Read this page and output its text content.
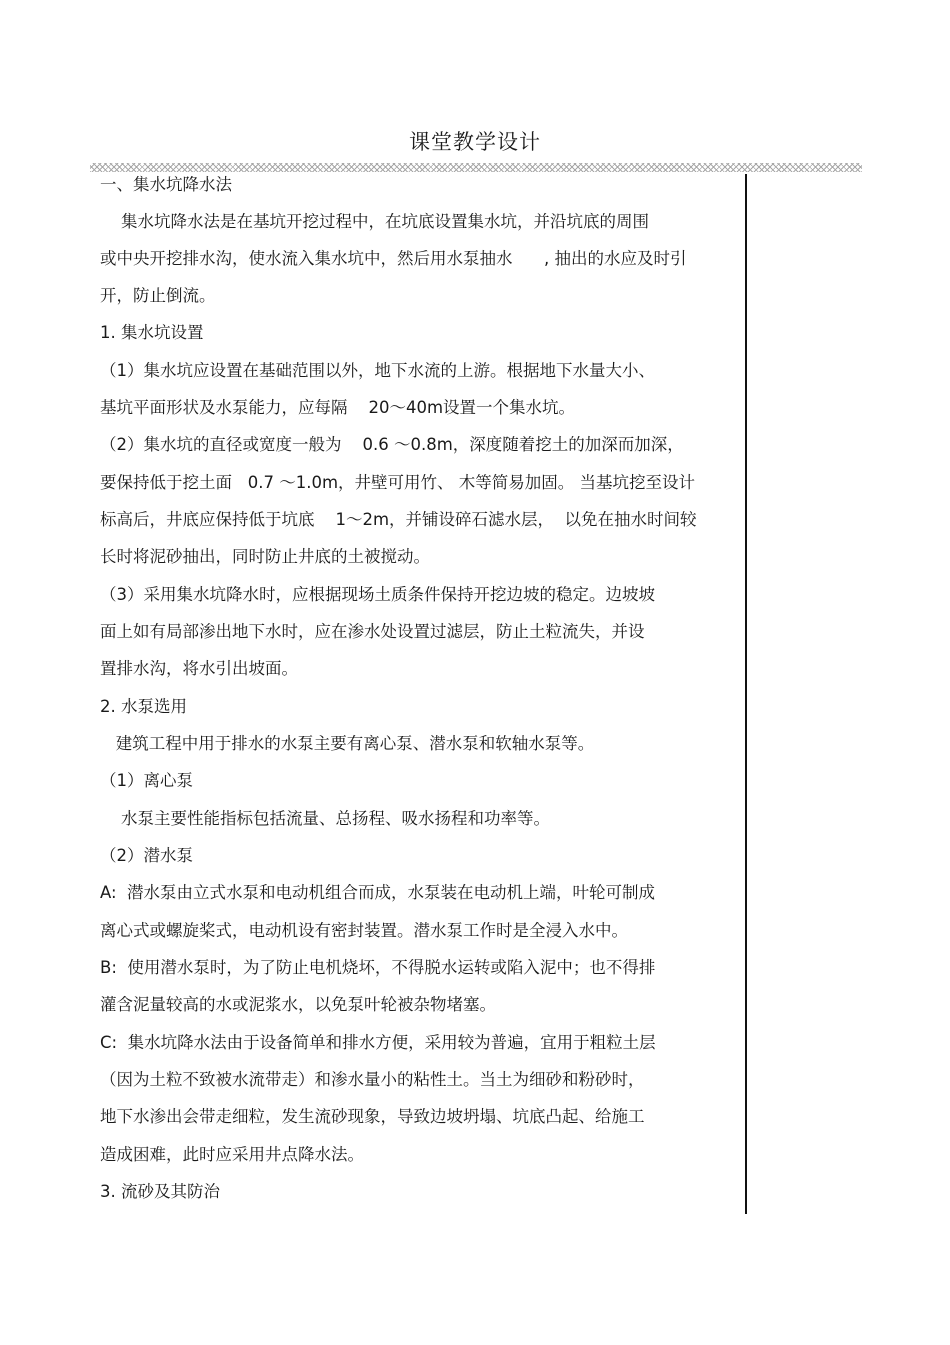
课堂教学设计
一、集水坑降水法
集水坑降水法是在基坑开挖过程中，在坑底设置集水坑，并沿坑底的周围
或中央开挖排水沟，使水流入集水坑中，然后用水泵抽水      , 抽出的水应及时引
开，防止倒流。
1. 集水坑设置
（1）集水坑应设置在基础范围以外，地下水流的上游。根据地下水量大小、
基坑平面形状及水泵能力，应每隔    20～40m设置一个集水坑。
（2）集水坑的直径或宽度一般为    0.6 ～0.8m，深度随着挖土的加深而加深，
要保持低于挖土面   0.7 ～1.0m，井壁可用竹、 木等简易加固。 当基坑挖至设计
标高后，井底应保持低于坑底    1～2m，并铺设碎石滤水层，  以免在抽水时间较
长时将泥砂抽出，同时防止井底的土被搅动。
（3）采用集水坑降水时，应根据现场土质条件保持开挖边坡的稳定。边坡坡
面上如有局部渗出地下水时，应在渗水处设置过滤层，防止土粒流失，并设
置排水沟，将水引出坡面。
2. 水泵选用
建筑工程中用于排水的水泵主要有离心泵、潜水泵和软轴水泵等。
（1）离心泵
水泵主要性能指标包括流量、总扬程、吸水扬程和功率等。
（2）潜水泵
A:  潜水泵由立式水泵和电动机组合而成，水泵装在电动机上端，叶轮可制成
离心式或螺旋桨式，电动机设有密封装置。潜水泵工作时是全浸入水中。
B:  使用潜水泵时，为了防止电机烧坏，不得脱水运转或陷入泥中；也不得排
灌含泥量较高的水或泥浆水，以免泵叶轮被杂物堵塞。
C:  集水坑降水法由于设备简单和排水方便，采用较为普遍，宜用于粗粒土层
（因为土粒不致被水流带走）和渗水量小的粘性土。当土为细砂和粉砂时，
地下水渗出会带走细粒，发生流砂现象，导致边坡坍塌、坑底凸起、给施工
造成困难，此时应采用井点降水法。
3. 流砂及其防治
